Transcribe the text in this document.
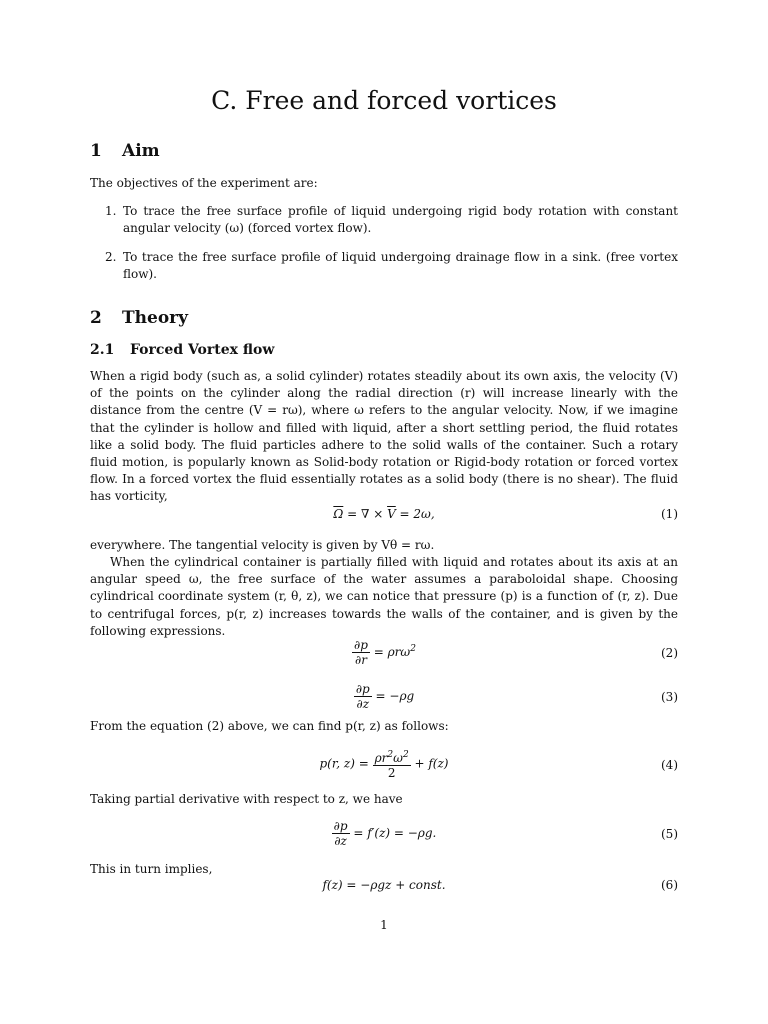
C. Free and forced vortices
1 Aim

The objectives of the experiment are:

1. To trace the free surface profile of liquid undergoing rigid body rotation with constant angular velocity (ω) (forced vortex flow).
2. To trace the free surface profile of liquid undergoing drainage flow in a sink. (free vortex flow).
2 Theory
2.1 Forced Vortex flow

When a rigid body (such as, a solid cylinder) rotates steadily about its own axis, the velocity (V) of the points on the cylinder along the radial direction (r) will increase linearly with the distance from the centre (V = rω), where ω refers to the angular velocity. Now, if we imagine that the cylinder is hollow and filled with liquid, after a short settling period, the fluid rotates like a solid body. The fluid particles adhere to the solid walls of the container. Such a rotary fluid motion, is popularly known as Solid-body rotation or Rigid-body rotation or forced vortex flow. In a forced vortex the fluid essentially rotates as a solid body (there is no shear). The fluid has vorticity,

$\overline{\Omega}$ = ∇ × $\overline{V} = 2\omega$,	(1)

everywhere. The tangential velocity is given by Vθ = rω.

When the cylindrical container is partially filled with liquid and rotates about its axis at an angular speed ω, the free surface of the water assumes a paraboloidal shape. Choosing cylindrical coordinate system (r, θ, z), we can notice that pressure (p) is a function of (r, z). Due to centrifugal forces, p(r, z) increases towards the walls of the container, and is given by the following expressions.

$\frac{\partial p}{\partial r} = \rho r\omega^2$	(2)
$\frac{\partial p}{\partial z} = -\rho g$	(3)

From the equation (2) above, we can find p(r, z) as follows:

p(r, $z) = \frac{\rho r^2\omega^2}{2} + f(z)$	(4)

Taking partial derivative with respect to z, we have

$\frac{\partial p}{\partial z} = f'(z) = -\rho g$.	(5)

This in turn implies,

f(z) = −ρgz + const.	(6)
1
